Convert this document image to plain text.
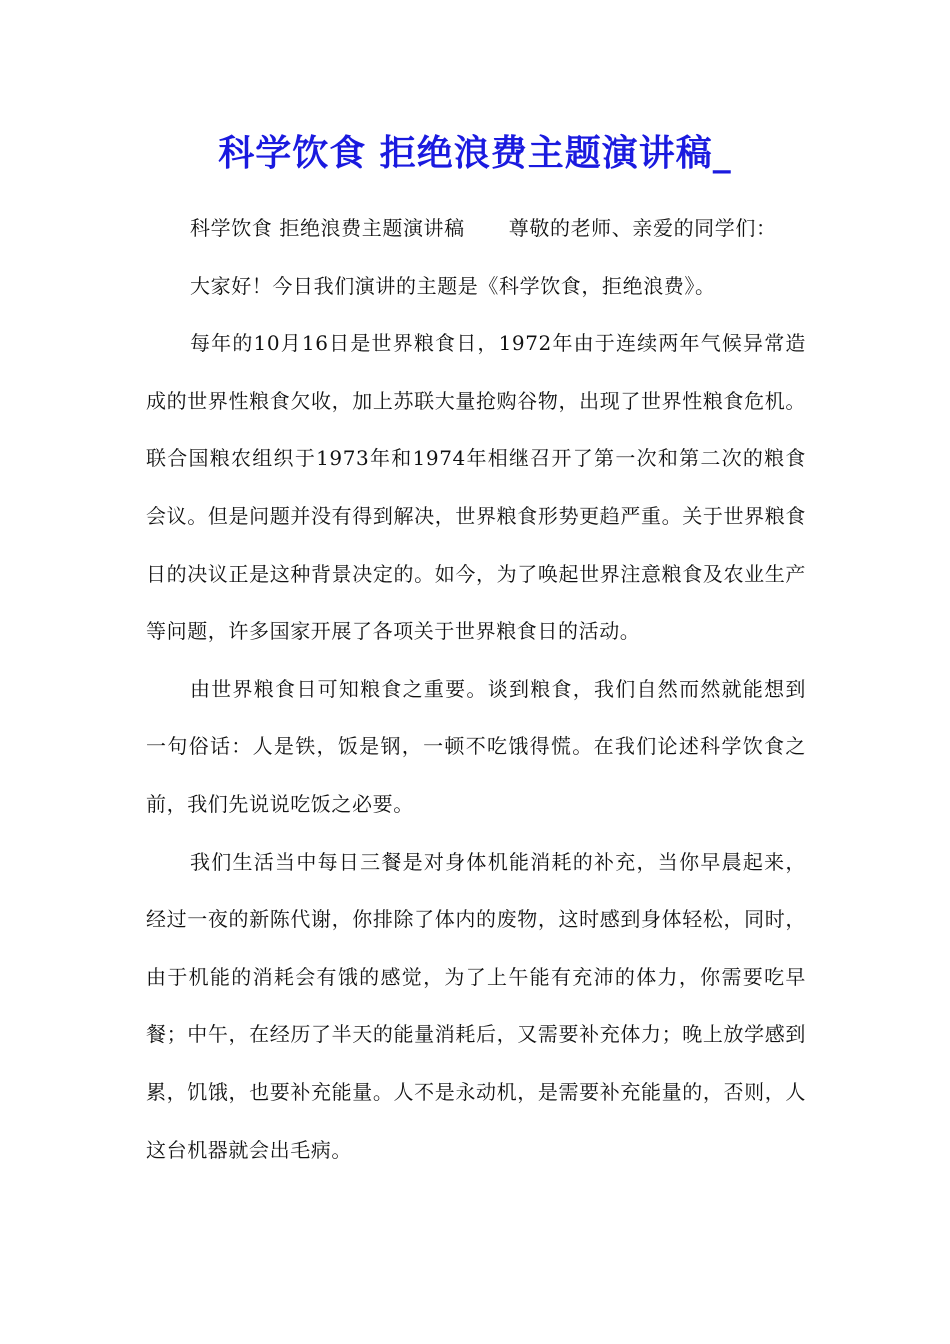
科学饮食 拒绝浪费主题演讲稿_

科学饮食 拒绝浪费主题演讲稿 尊敬的老师、亲爱的同学们：

大家好！今日我们演讲的主题是《科学饮食，拒绝浪费》。

每年的10月16日是世界粮食日，1972年由于连续两年气候异常造成的世界性粮食欠收，加上苏联大量抢购谷物，出现了世界性粮食危机。联合国粮农组织于1973年和1974年相继召开了第一次和第二次的粮食会议。但是问题并没有得到解决，世界粮食形势更趋严重。关于世界粮食日的决议正是这种背景决定的。如今，为了唤起世界注意粮食及农业生产等问题，许多国家开展了各项关于世界粮食日的活动。

由世界粮食日可知粮食之重要。谈到粮食，我们自然而然就能想到一句俗话：人是铁，饭是钢，一顿不吃饿得慌。在我们论述科学饮食之前，我们先说说吃饭之必要。

我们生活当中每日三餐是对身体机能消耗的补充，当你早晨起来，经过一夜的新陈代谢，你排除了体内的废物，这时感到身体轻松，同时，由于机能的消耗会有饿的感觉，为了上午能有充沛的体力，你需要吃早餐；中午，在经历了半天的能量消耗后，又需要补充体力；晚上放学感到累，饥饿，也要补充能量。人不是永动机，是需要补充能量的，否则，人这台机器就会出毛病。
